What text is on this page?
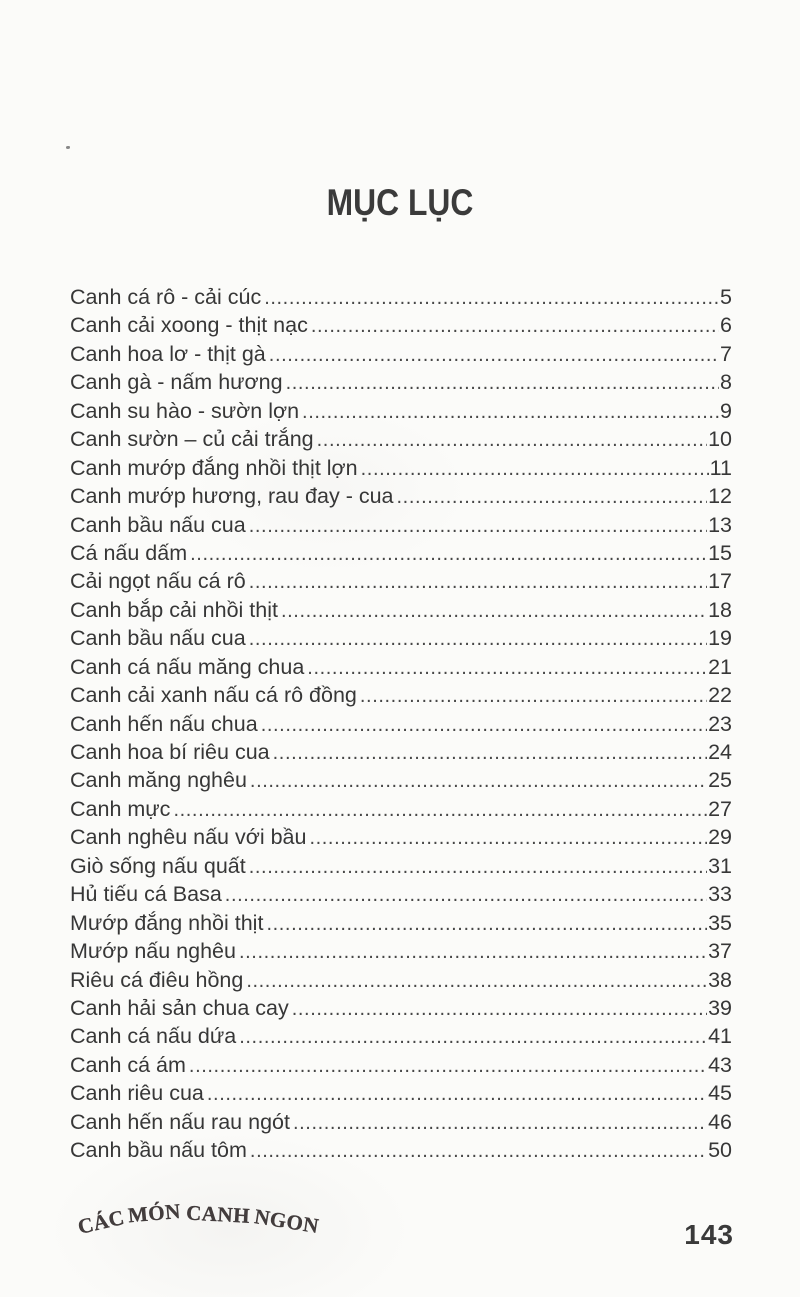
MỤC LỤC
Canh cá rô - cải cúc .....	5
Canh cải xoong - thịt nạc .....	6
Canh hoa lơ - thịt gà .....	7
Canh gà - nấm hương .....	8
Canh su hào - sườn lợn .....	9
Canh sườn – củ cải trắng .....	10
Canh mướp đắng nhồi thịt lợn .....	11
Canh mướp hương, rau đay - cua .....	12
Canh bầu nấu cua .....	13
Cá nấu dấm .....	15
Cải ngọt nấu cá rô .....	17
Canh bắp cải nhồi thịt .....	18
Canh bầu nấu cua .....	19
Canh cá nấu măng chua .....	21
Canh cải xanh nấu cá rô đồng .....	22
Canh hến nấu chua .....	23
Canh hoa bí riêu cua .....	24
Canh măng nghêu .....	25
Canh mực .....	27
Canh nghêu nấu với bầu .....	29
Giò sống nấu quất .....	31
Hủ tiếu cá Basa .....	33
Mướp đắng nhồi thịt .....	35
Mướp nấu nghêu .....	37
Riêu cá điêu hồng .....	38
Canh hải sản chua cay .....	39
Canh cá nấu dứa .....	41
Canh cá ám .....	43
Canh riêu cua .....	45
Canh hến nấu rau ngót .....	46
Canh bầu nấu tôm .....	50
CÁC MÓN CANH NGON	143
